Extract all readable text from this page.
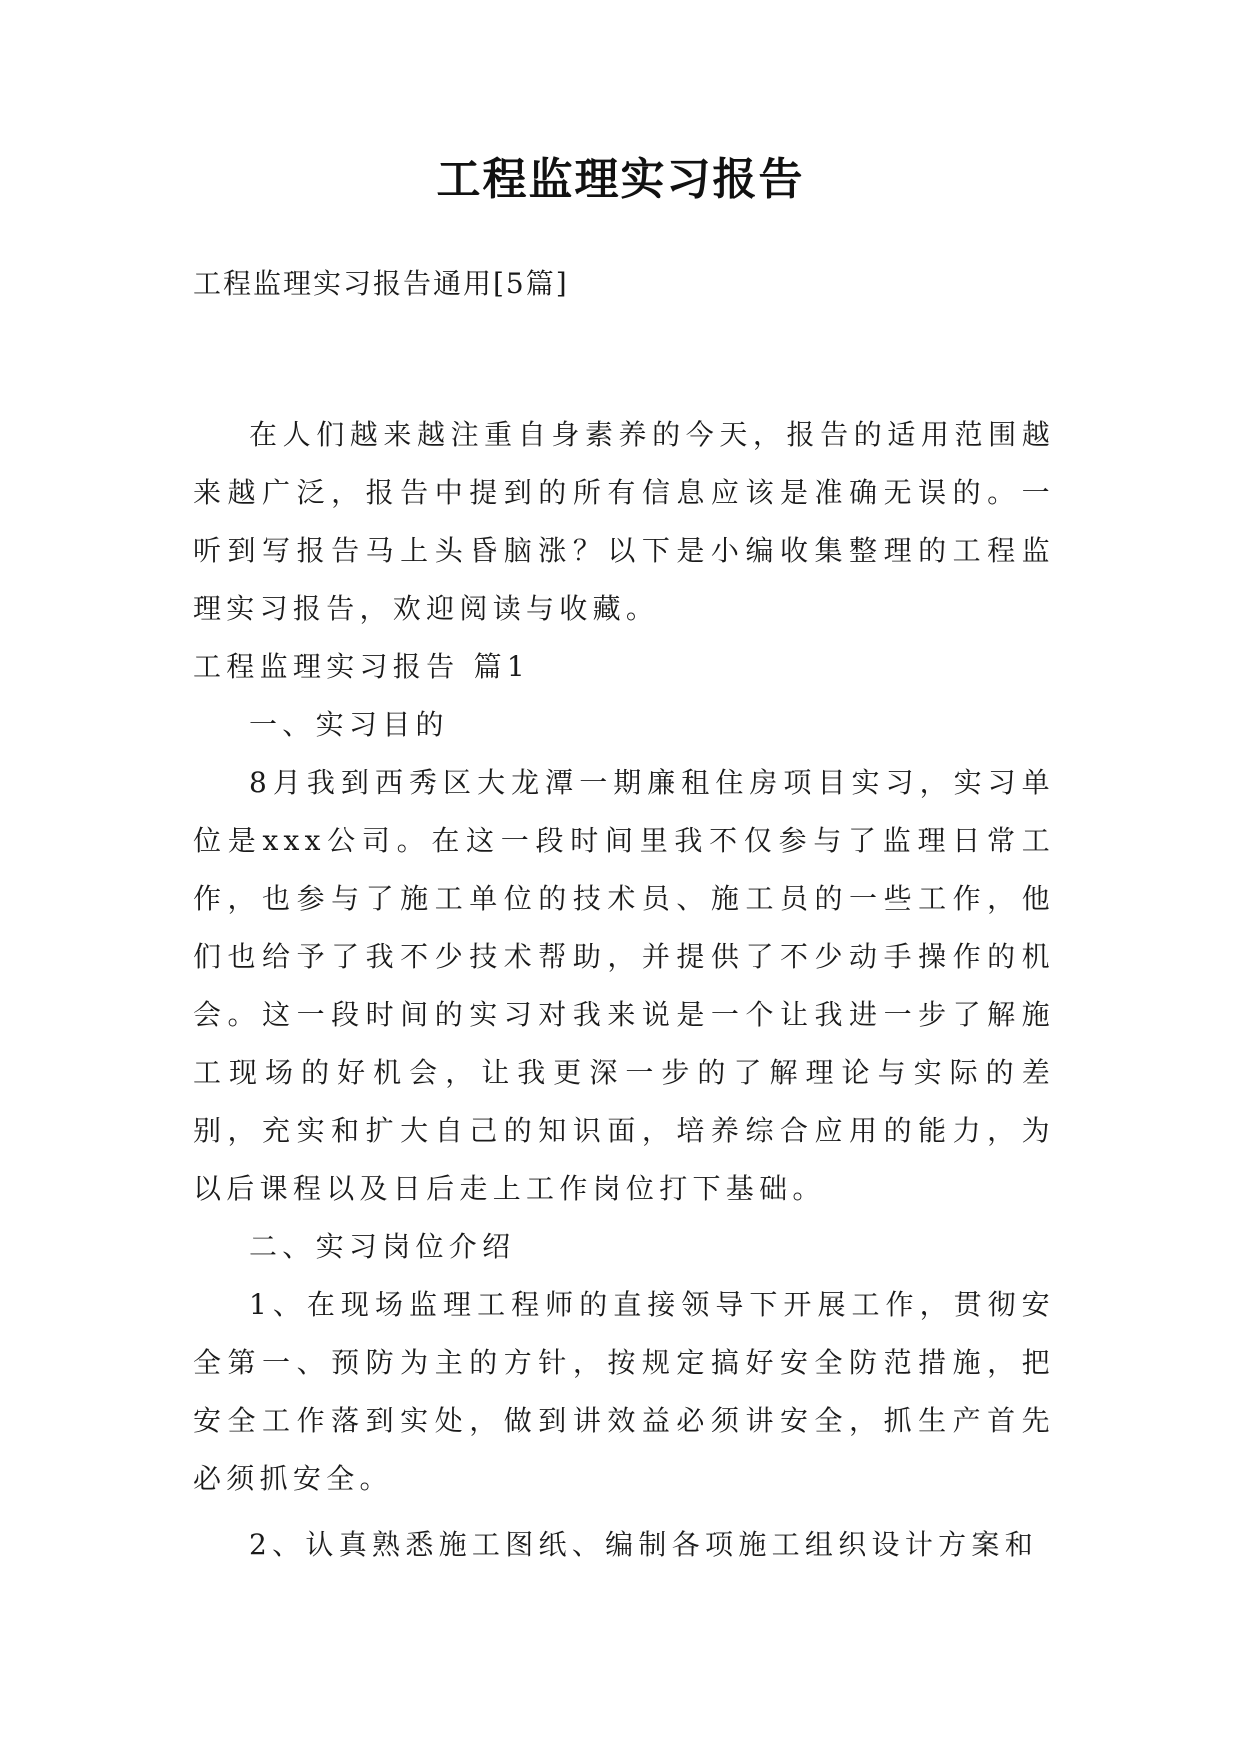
工程监理实习报告
工程监理实习报告通用[5篇]

在人们越来越注重自身素养的今天，报告的适用范围越来越广泛，报告中提到的所有信息应该是准确无误的。一听到写报告马上头昏脑涨？以下是小编收集整理的工程监理实习报告，欢迎阅读与收藏。

工程监理实习报告 篇1

一、实习目的

8月我到西秀区大龙潭一期廉租住房项目实习，实习单位是xxx公司。在这一段时间里我不仅参与了监理日常工作，也参与了施工单位的技术员、施工员的一些工作，他们也给予了我不少技术帮助，并提供了不少动手操作的机会。这一段时间的实习对我来说是一个让我进一步了解施工现场的好机会，让我更深一步的了解理论与实际的差别，充实和扩大自己的知识面，培养综合应用的能力，为以后课程以及日后走上工作岗位打下基础。

二、实习岗位介绍

1、在现场监理工程师的直接领导下开展工作，贯彻安全第一、预防为主的方针，按规定搞好安全防范措施，把安全工作落到实处，做到讲效益必须讲安全，抓生产首先必须抓安全。

2、认真熟悉施工图纸、编制各项施工组织设计方案和
